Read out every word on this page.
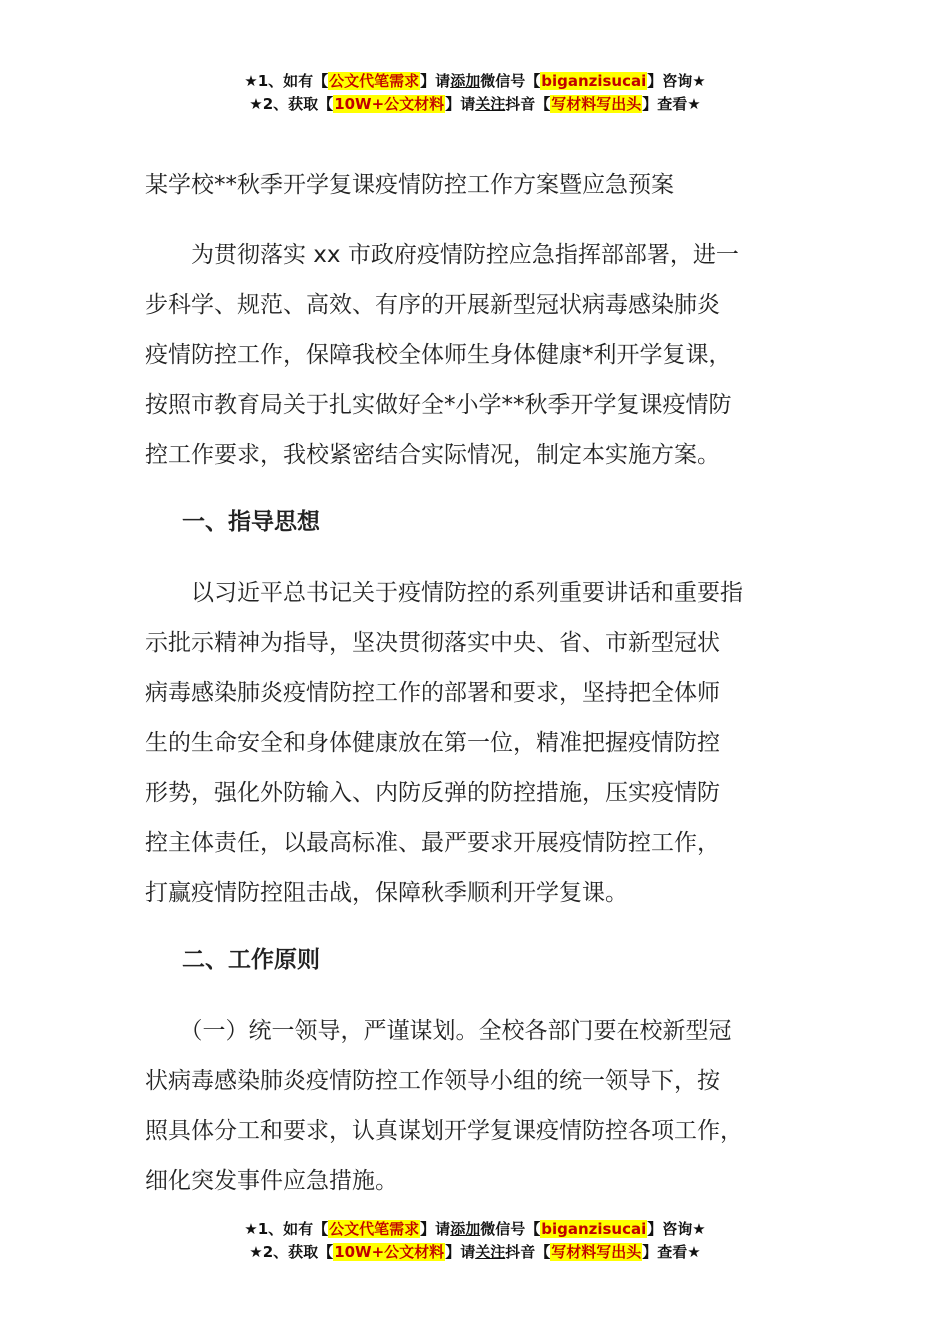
★1、如有【公文代笔需求】请添加微信号【biganzisucai】咨询★
★2、获取【10W+公文材料】请关注抖音【写材料写出头】查看★
某学校**秋季开学复课疫情防控工作方案暨应急预案
　　为贯彻落实 xx 市政府疫情防控应急指挥部部署，进一
步科学、规范、高效、有序的开展新型冠状病毒感染肺炎
疫情防控工作，保障我校全体师生身体健康*利开学复课，
按照市教育局关于扎实做好全*小学**秋季开学复课疫情防
控工作要求，我校紧密结合实际情况，制定本实施方案。
一、指导思想
　　以习近平总书记关于疫情防控的系列重要讲话和重要指
示批示精神为指导，坚决贯彻落实中央、省、市新型冠状
病毒感染肺炎疫情防控工作的部署和要求，坚持把全体师
生的生命安全和身体健康放在第一位，精准把握疫情防控
形势，强化外防输入、内防反弹的防控措施，压实疫情防
控主体责任，以最高标准、最严要求开展疫情防控工作，
打赢疫情防控阻击战，保障秋季顺利开学复课。
二、工作原则
　　（一）统一领导，严谨谋划。全校各部门要在校新型冠
状病毒感染肺炎疫情防控工作领导小组的统一领导下，按
照具体分工和要求，认真谋划开学复课疫情防控各项工作，
细化突发事件应急措施。
★1、如有【公文代笔需求】请添加微信号【biganzisucai】咨询★
★2、获取【10W+公文材料】请关注抖音【写材料写出头】查看★
